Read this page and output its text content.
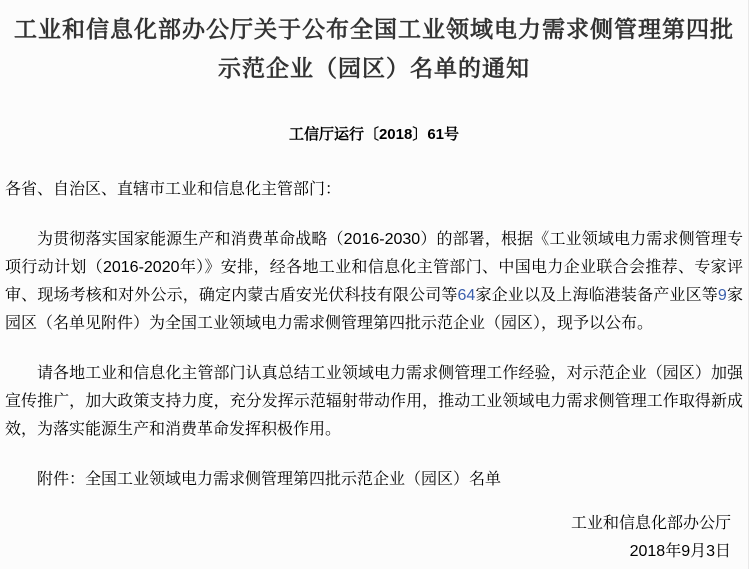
工业和信息化部办公厅关于公布全国工业领域电力需求侧管理第四批
示范企业（园区）名单的通知
工信厅运行〔2018〕61号
各省、自治区、直辖市工业和信息化主管部门：

为贯彻落实国家能源生产和消费革命战略（2016-2030）的部署，根据《工业领域电力需求侧管理专项行动计划（2016-2020年）》安排，经各地工业和信息化主管部门、中国电力企业联合会推荐、专家评审、现场考核和对外公示，确定内蒙古盾安光伏科技有限公司等64家企业以及上海临港装备产业区等9家园区（名单见附件）为全国工业领域电力需求侧管理第四批示范企业（园区），现予以公布。

请各地工业和信息化主管部门认真总结工业领域电力需求侧管理工作经验，对示范企业（园区）加强宣传推广，加大政策支持力度，充分发挥示范辐射带动作用，推动工业领域电力需求侧管理工作取得新成效，为落实能源生产和消费革命发挥积极作用。

附件：全国工业领域电力需求侧管理第四批示范企业（园区）名单
工业和信息化部办公厅
2018年9月3日
